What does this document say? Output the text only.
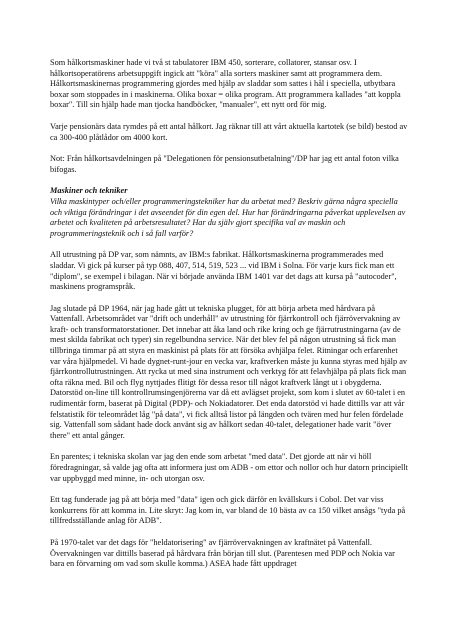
Som hålkortsmaskiner hade vi två st tabulatorer IBM 450, sorterare, collatorer, stansar osv. I hålkortsoperatörens arbetsuppgift ingick att "köra" alla sorters maskiner samt att programmera dem. Hålkortsmaskinernas programmering gjordes med hjälp av sladdar som sattes i hål i speciella, utbytbara boxar som stoppades in i maskinerna. Olika boxar = olika program. Att programmera kallades "att koppla boxar". Till sin hjälp hade man tjocka handböcker, "manualer", ett nytt ord för mig.

Varje pensionärs data rymdes på ett antal hålkort. Jag räknar till att vårt aktuella kartotek (se bild) bestod av ca 300-400 plåtlådor om 4000 kort.

Not: Från hålkortsavdelningen på "Delegationen för pensionsutbetalning"/DP har jag ett antal foton vilka bifogas.

Maskiner och tekniker

Vilka maskintyper och/eller programmeringstekniker har du arbetat med? Beskriv gärna några speciella och viktiga förändringar i det avseendet för din egen del. Hur har förändringarna påverkat uppleveIsen av arbetet och kvaliteten på arbetsresultatet? Har du själv gjort specifika val av maskin och programmeringsteknik och i så fall varför?

All utrustning på DP var, som nämnts, av IBM:s fabrikat. Hålkortsmaskinerna programmerades med sladdar. Vi gick på kurser på typ 088, 407, 514, 519, 523 ... vid IBM i Solna. För varje kurs fick man ett "diplom", se exempel i bilagan. När vi började använda IBM 1401 var det dags att kursa på "autocoder", maskinens programspråk.

Jag slutade på DP 1964, när jag hade gått ut tekniska plugget, för att börja arbeta med hårdvara på Vattenfall. Arbetsområdet var "drift och underhåll" av utrustning för fjärrkontroll och fjärrövervakning av kraft- och transformatorstationer. Det innebar att åka land och rike kring och ge fjärrutrustningarna (av de mest skilda fabrikat och typer) sin regelbundna service. När det blev fel på någon utrustning så fick man tillbringa timmar på att styra en maskinist på plats för att försöka avhjälpa felet. Ritningar och erfarenhet var våra hjälpmedel. Vi hade dygnet-runt-jour en vecka var, kraftverken måste ju kunna styras med hjälp av fjärrkontrollutrustningen. Att rycka ut med sina instrument och verktyg för att felavhjälpa på plats fick man ofta räkna med. Bil och flyg nyttjades flitigt för dessa resor till något kraftverk långt ut i obygderna. Datorstöd on-line till kontrollrumsingenjörerna var då ett avlägset projekt, som kom i slutet av 60-talet i en rudimentär form, baserat på Digital (PDP)- och Nokiadatorer. Det enda datorstöd vi hade dittills var att vår felstatistik för teleområdet låg "på data", vi fick alltså listor på längden och tvären med hur felen fördelade sig. Vattenfall som sådant hade dock använt sig av hålkort sedan 40-talet, delegationer hade varit "över there" ett antal gånger.

En parentes; i tekniska skolan var jag den ende som arbetat "med data". Det gjorde att när vi höll föredragningar, så valde jag ofta att informera just om ADB - om ettor och nollor och hur datorn principiellt var uppbyggd med minne, in- och utorgan osv.

Ett tag funderade jag på att börja med "data" igen och gick därför en kvällskurs i Cobol. Det var viss konkurrens för att komma in. Lite skryt: Jag kom in, var bland de 10 bästa av ca 150 vilket ansågs "tyda på tillfredsställande anlag för ADB".

På 1970-talet var det dags för "heldatorisering" av fjärrövervakningen av kraftnätet på Vattenfall. Övervakningen var dittills baserad på hårdvara från början till slut. (Parentesen med PDP och Nokia var bara en förvarning om vad som skulle komma.) ASEA hade fått uppdraget
